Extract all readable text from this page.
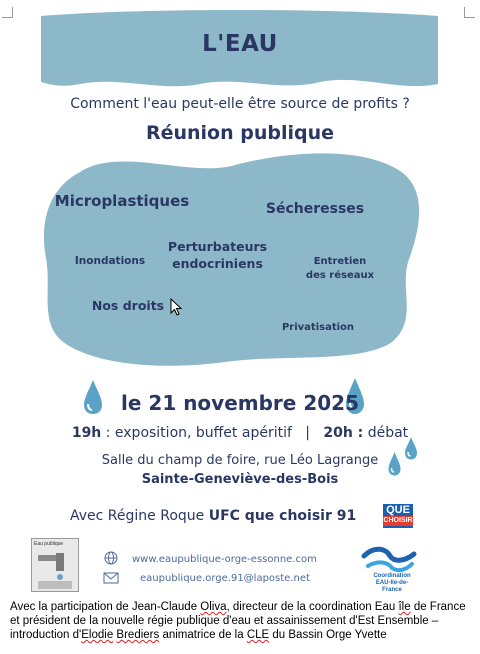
L'EAU
Comment l'eau peut-elle être source de profits ?
Réunion publique
Microplastiques	Sécheresses
Perturbateurs
endocriniens
Inondations	Entretien
des réseaux
Nos droits
Privatisation
le 21 novembre 2025
19h : exposition, buffet apéritif | 20h : débat
Salle du champ de foire, rue Léo Lagrange
Sainte-Geneviève-des-Bois
Avec Régine Roque UFC que choisir 91	QUE
CHOISIR
Eau publique
www.eaupublique-orge-essonne.com
eaupublique.orge.91@laposte.net	Coordination
EAU-Ile-de-France
Avec la participation de Jean-Claude Oliva, directeur de la coordination Eau île de France et président de la nouvelle régie publique d'eau et assainissement d'Est Ensemble – introduction d'Elodie Brediers animatrice de la CLE du Bassin Orge Yvette
